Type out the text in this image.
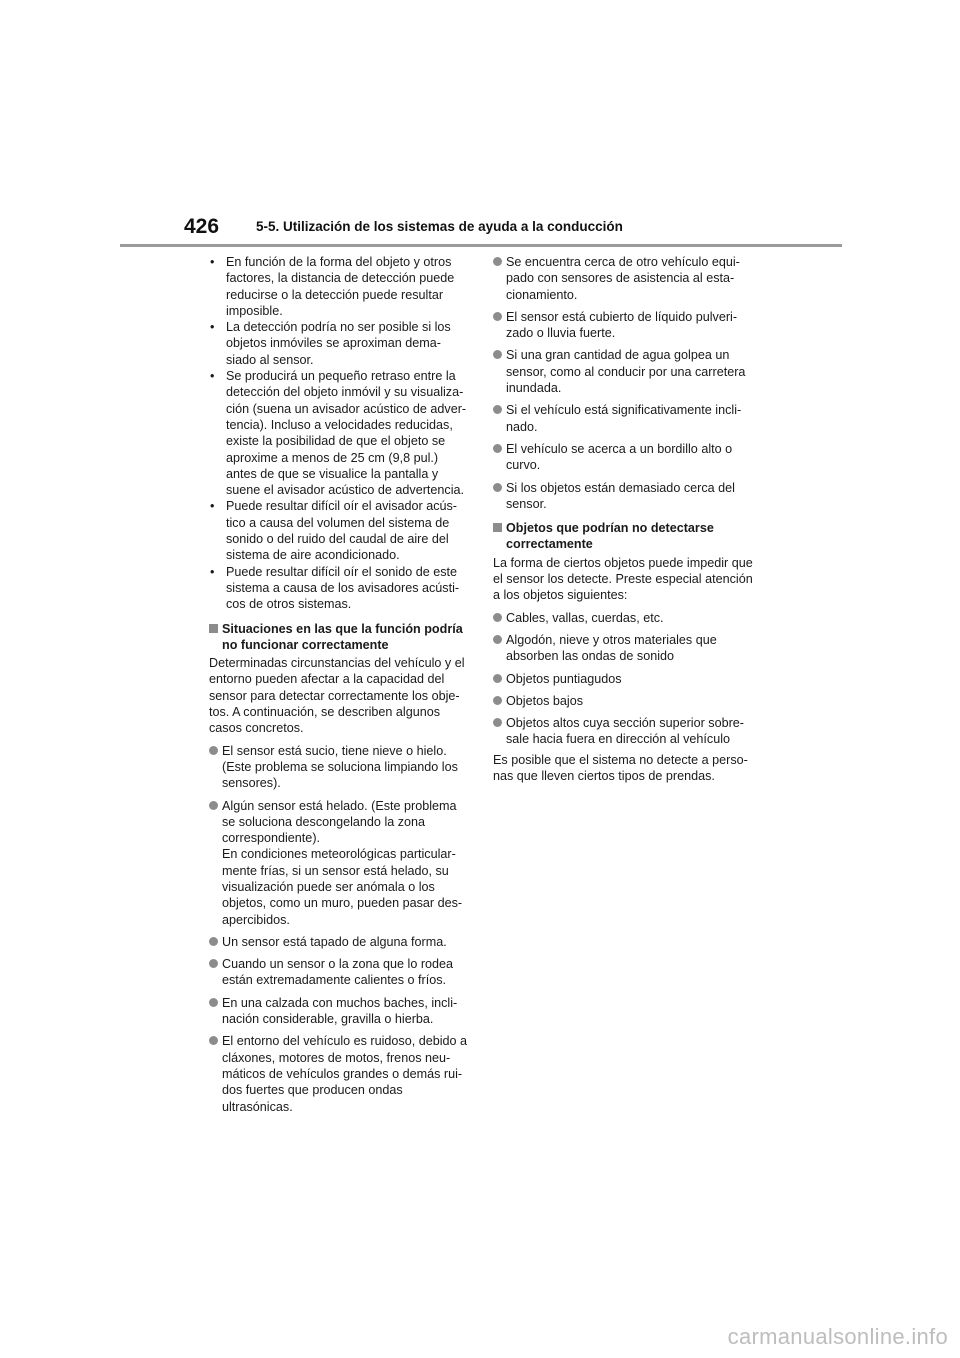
426	5-5. Utilización de los sistemas de ayuda a la conducción
• En función de la forma del objeto y otros factores, la distancia de detección puede reducirse o la detección puede resultar imposible.
• La detección podría no ser posible si los objetos inmóviles se aproximan dema-siado al sensor.
• Se producirá un pequeño retraso entre la detección del objeto inmóvil y su visualiza-ción (suena un avisador acústico de adver-tencia). Incluso a velocidades reducidas, existe la posibilidad de que el objeto se aproxime a menos de 25 cm (9,8 pul.) antes de que se visualice la pantalla y suene el avisador acústico de advertencia.
• Puede resultar difícil oír el avisador acús-tico a causa del volumen del sistema de sonido o del ruido del caudal de aire del sistema de aire acondicionado.
• Puede resultar difícil oír el sonido de este sistema a causa de los avisadores acústi-cos de otros sistemas.
Situaciones en las que la función podría no funcionar correctamente

Determinadas circunstancias del vehículo y el entorno pueden afectar a la capacidad del sensor para detectar correctamente los obje-tos. A continuación, se describen algunos casos concretos.

El sensor está sucio, tiene nieve o hielo. (Este problema se soluciona limpiando los sensores).
Algún sensor está helado. (Este problema se soluciona descongelando la zona correspondiente).
En condiciones meteorológicas particular-mente frías, si un sensor está helado, su visualización puede ser anómala o los objetos, como un muro, pueden pasar des-apercibidos.
Un sensor está tapado de alguna forma.
Cuando un sensor o la zona que lo rodea están extremadamente calientes o fríos.
En una calzada con muchos baches, incli-nación considerable, gravilla o hierba.
El entorno del vehículo es ruidoso, debido a cláxones, motores de motos, frenos neu-máticos de vehículos grandes o demás rui-dos fuertes que producen ondas ultrasónicas.
Se encuentra cerca de otro vehículo equi-pado con sensores de asistencia al esta-cionamiento.
El sensor está cubierto de líquido pulveri-zado o lluvia fuerte.
Si una gran cantidad de agua golpea un sensor, como al conducir por una carretera inundada.
Si el vehículo está significativamente incli-nado.
El vehículo se acerca a un bordillo alto o curvo.
Si los objetos están demasiado cerca del sensor.
Objetos que podrían no detectarse correctamente

La forma de ciertos objetos puede impedir que el sensor los detecte. Preste especial atención a los objetos siguientes:

Cables, vallas, cuerdas, etc.
Algodón, nieve y otros materiales que absorben las ondas de sonido
Objetos puntiagudos
Objetos bajos
Objetos altos cuya sección superior sobre-sale hacia fuera en dirección al vehículo

Es posible que el sistema no detecte a perso-nas que lleven ciertos tipos de prendas.

carmanualsonline.info
